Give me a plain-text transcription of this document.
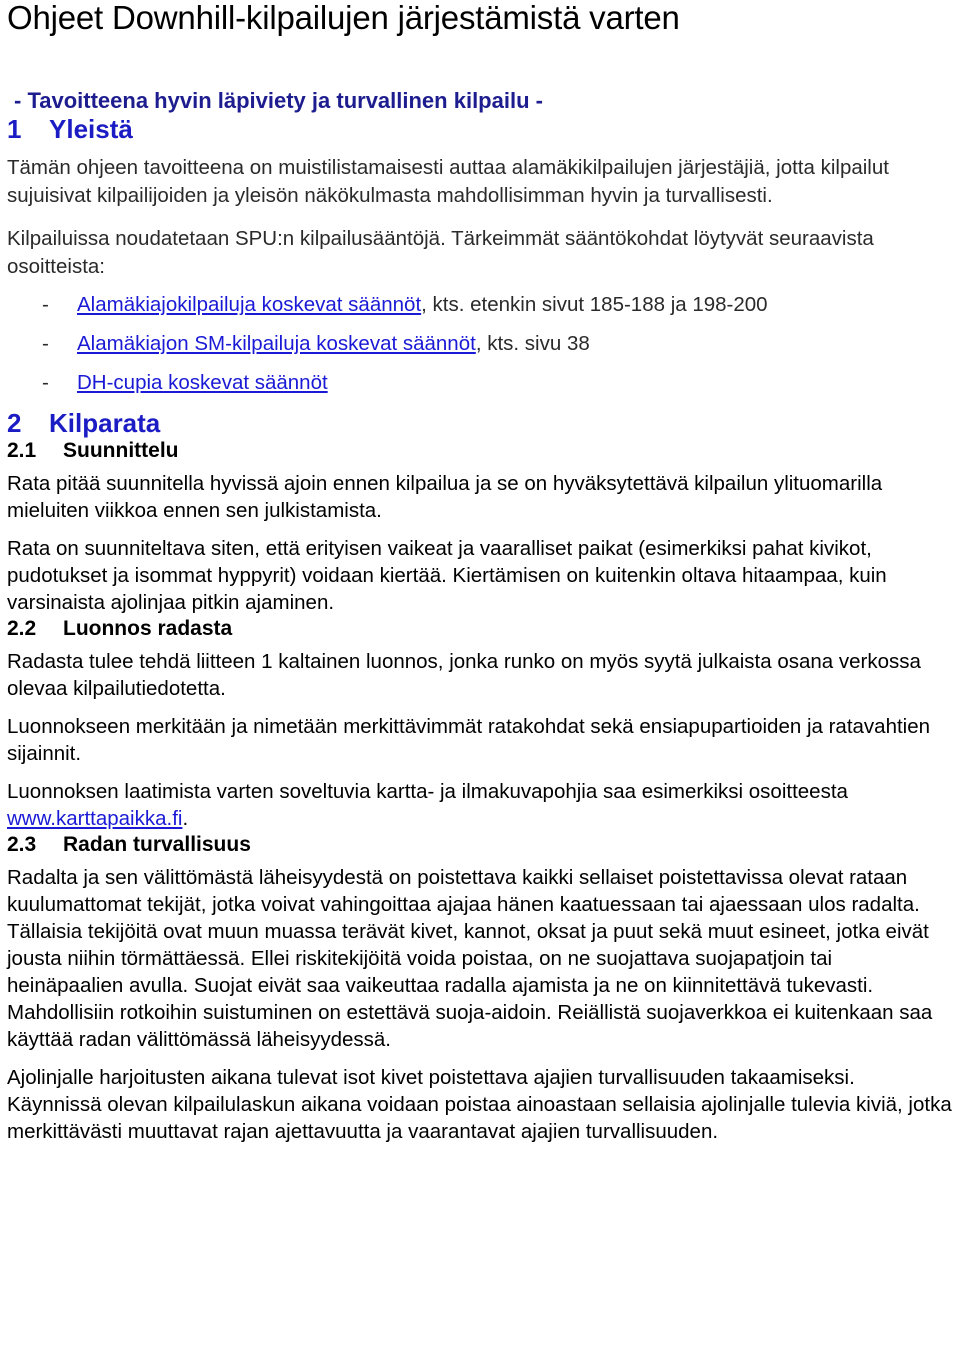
Ohjeet Downhill-kilpailujen järjestämistä varten
- Tavoitteena hyvin läpiviety ja turvallinen kilpailu -
1 Yleistä

Tämän ohjeen tavoitteena on muistilistamaisesti auttaa alamäkikilpailujen järjestäjiä, jotta kilpailut sujuisivat kilpailijoiden ja yleisön näkökulmasta mahdollisimman hyvin ja turvallisesti.

Kilpailuissa noudatetaan SPU:n kilpailusääntöjä. Tärkeimmät sääntökohdat löytyvät seuraavista osoitteista:

- Alamäkiajokilpailuja koskevat säännöt, kts. etenkin sivut 185-188 ja 198-200
- Alamäkiajon SM-kilpailuja koskevat säännöt, kts. sivu 38
- DH-cupia koskevat säännöt
2 Kilparata
2.1 Suunnittelu

Rata pitää suunnitella hyvissä ajoin ennen kilpailua ja se on hyväksytettävä kilpailun ylituomarilla mieluiten viikkoa ennen sen julkistamista.

Rata on suunniteltava siten, että erityisen vaikeat ja vaaralliset paikat (esimerkiksi pahat kivikot, pudotukset ja isommat hyppyrit) voidaan kiertää. Kiertämisen on kuitenkin oltava hitaampaa, kuin varsinaista ajolinjaa pitkin ajaminen.

2.2 Luonnos radasta

Radasta tulee tehdä liitteen 1 kaltainen luonnos, jonka runko on myös syytä julkaista osana verkossa olevaa kilpailutiedotetta.

Luonnokseen merkitään ja nimetään merkittävimmät ratakohdat sekä ensiapupartioiden ja ratavahtien sijainnit.

Luonnoksen laatimista varten soveltuvia kartta- ja ilmakuvapohjia saa esimerkiksi osoitteesta www.karttapaikka.fi.

2.3 Radan turvallisuus

Radalta ja sen välittömästä läheisyydestä on poistettava kaikki sellaiset poistettavissa olevat rataan kuulumattomat tekijät, jotka voivat vahingoittaa ajajaa hänen kaatuessaan tai ajaessaan ulos radalta. Tällaisia tekijöitä ovat muun muassa terävät kivet, kannot, oksat ja puut sekä muut esineet, jotka eivät jousta niihin törmättäessä. Ellei riskitekijöitä voida poistaa, on ne suojattava suojapatjoin tai heinäpaalien avulla. Suojat eivät saa vaikeuttaa radalla ajamista ja ne on kiinnitettävä tukevasti. Mahdollisiin rotkoihin suistuminen on estettävä suoja-aidoin. Reiällistä suojaverkkoa ei kuitenkaan saa käyttää radan välittömässä läheisyydessä.

Ajolinjalle harjoitusten aikana tulevat isot kivet poistettava ajajien turvallisuuden takaamiseksi. Käynnissä olevan kilpailulaskun aikana voidaan poistaa ainoastaan sellaisia ajolinjalle tulevia kiviä, jotka merkittävästi muuttavat rajan ajettavuutta ja vaarantavat ajajien turvallisuuden.
